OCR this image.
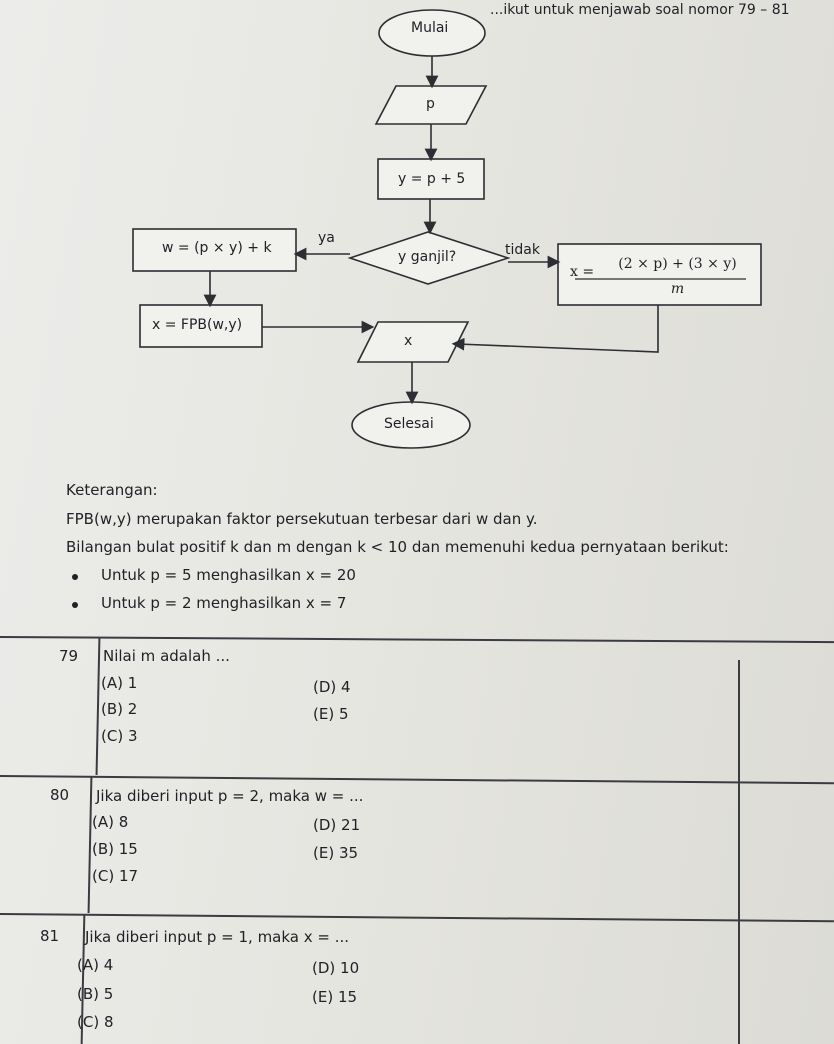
...ikut untuk menjawab soal nomor 79 – 81
Mulai
p
y = p + 5
y ganjil?
ya
tidak
w = (p × y) + k
x = FPB(w,y)
x
Selesai
x =	(2 × p) + (3 × y)
m
Keterangan:
FPB(w,y) merupakan faktor persekutuan terbesar dari w dan y.
Bilangan bulat positif k dan m dengan k < 10 dan memenuhi kedua pernyataan berikut:
Untuk p = 5 menghasilkan x = 20
Untuk p = 2 menghasilkan x = 7
79 Nilai m adalah ...
(A) 1
(B) 2
(C) 3
(D) 4
(E) 5
80 Jika diberi input p = 2, maka w = ...
(A) 8
(B) 15
(C) 17
(D) 21
(E) 35
81 Jika diberi input p = 1, maka x = ...
(A) 4
(B) 5
(C) 8
(D) 10
(E) 15
